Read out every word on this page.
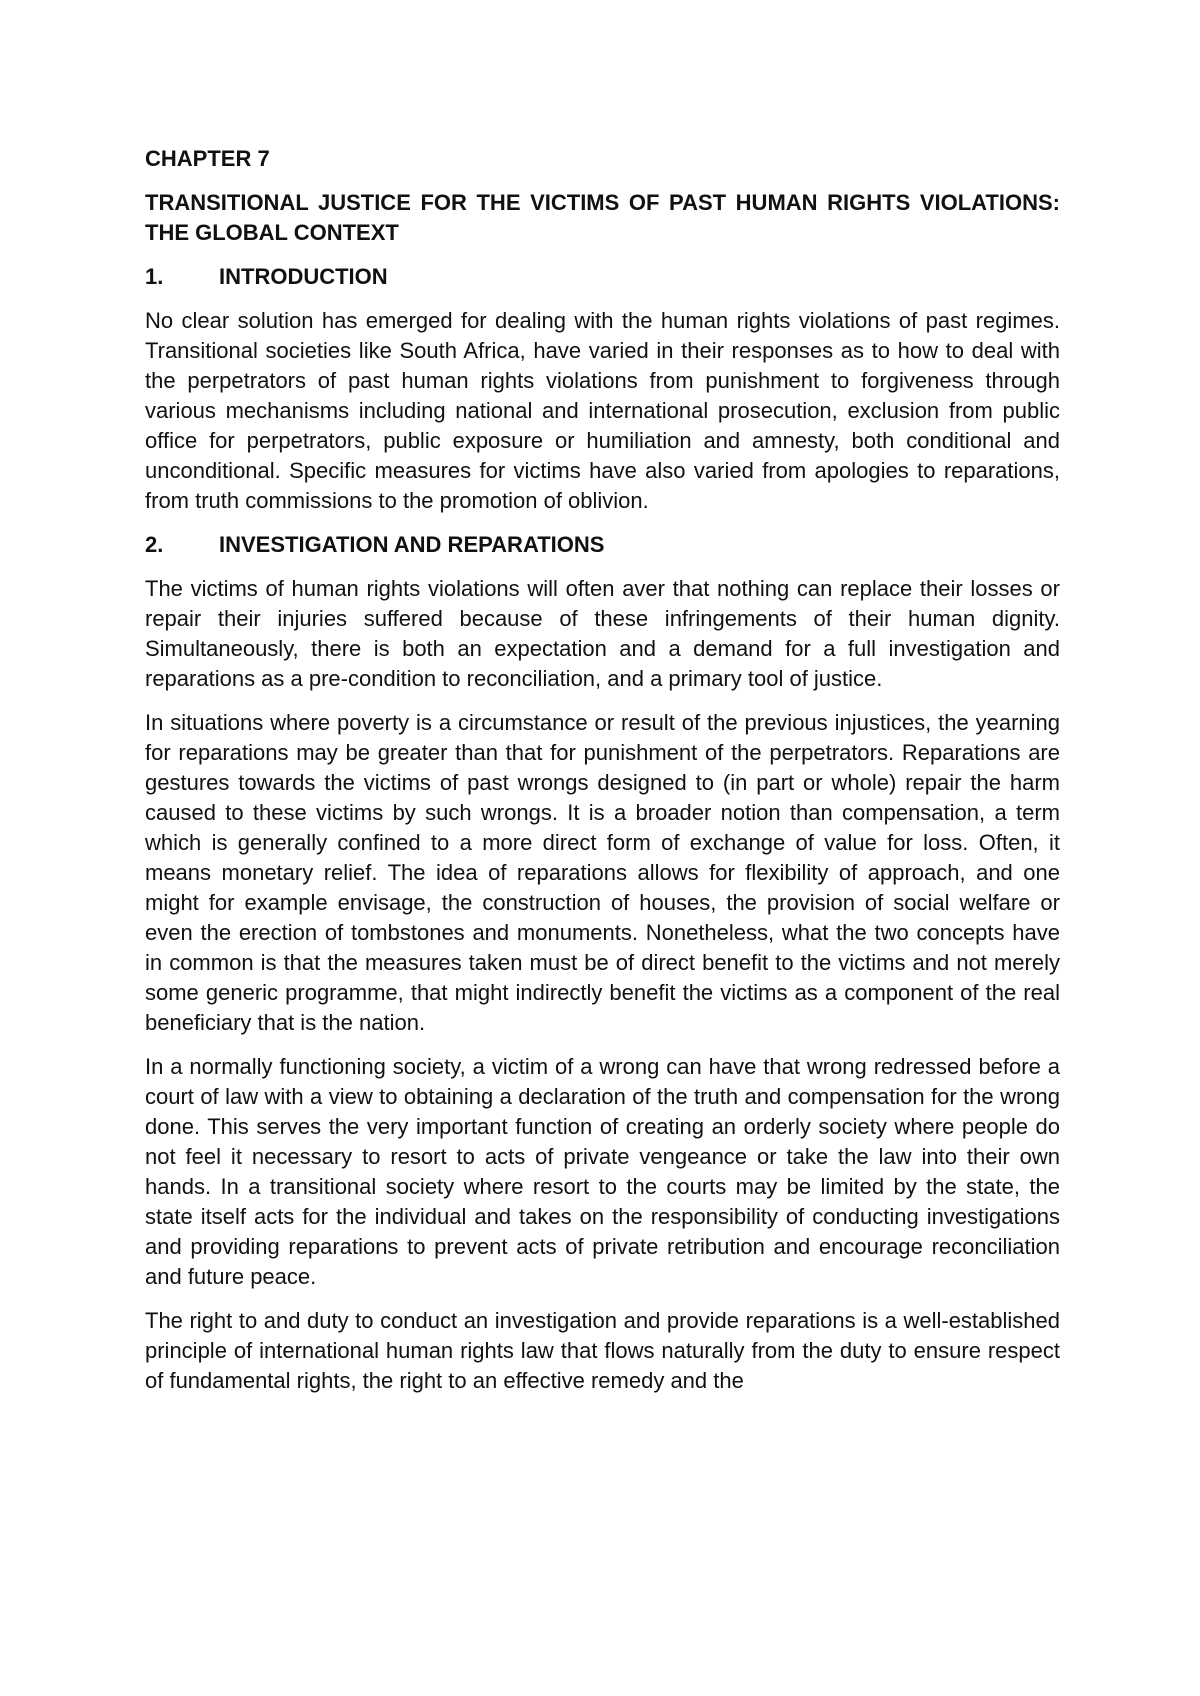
CHAPTER 7
TRANSITIONAL JUSTICE FOR THE VICTIMS OF PAST HUMAN RIGHTS VIOLATIONS: THE GLOBAL CONTEXT
1.	INTRODUCTION

No clear solution has emerged for dealing with the human rights violations of past regimes. Transitional societies like South Africa, have varied in their responses as to how to deal with the perpetrators of past human rights violations from punishment to forgiveness through various mechanisms including national and international prosecution, exclusion from public office for perpetrators, public exposure or humiliation and amnesty, both conditional and unconditional. Specific measures for victims have also varied from apologies to reparations, from truth commissions to the promotion of oblivion.

2.	INVESTIGATION AND REPARATIONS

The victims of human rights violations will often aver that nothing can replace their losses or repair their injuries suffered because of these infringements of their human dignity. Simultaneously, there is both an expectation and a demand for a full investigation and reparations as a pre-condition to reconciliation, and a primary tool of justice.

In situations where poverty is a circumstance or result of the previous injustices, the yearning for reparations may be greater than that for punishment of the perpetrators. Reparations are gestures towards the victims of past wrongs designed to (in part or whole) repair the harm caused to these victims by such wrongs. It is a broader notion than compensation, a term which is generally confined to a more direct form of exchange of value for loss. Often, it means monetary relief. The idea of reparations allows for flexibility of approach, and one might for example envisage, the construction of houses, the provision of social welfare or even the erection of tombstones and monuments. Nonetheless, what the two concepts have in common is that the measures taken must be of direct benefit to the victims and not merely some generic programme, that might indirectly benefit the victims as a component of the real beneficiary that is the nation.

In a normally functioning society, a victim of a wrong can have that wrong redressed before a court of law with a view to obtaining a declaration of the truth and compensation for the wrong done. This serves the very important function of creating an orderly society where people do not feel it necessary to resort to acts of private vengeance or take the law into their own hands. In a transitional society where resort to the courts may be limited by the state, the state itself acts for the individual and takes on the responsibility of conducting investigations and providing reparations to prevent acts of private retribution and encourage reconciliation and future peace.

The right to and duty to conduct an investigation and provide reparations is a well-established principle of international human rights law that flows naturally from the duty to ensure respect of fundamental rights, the right to an effective remedy and the
